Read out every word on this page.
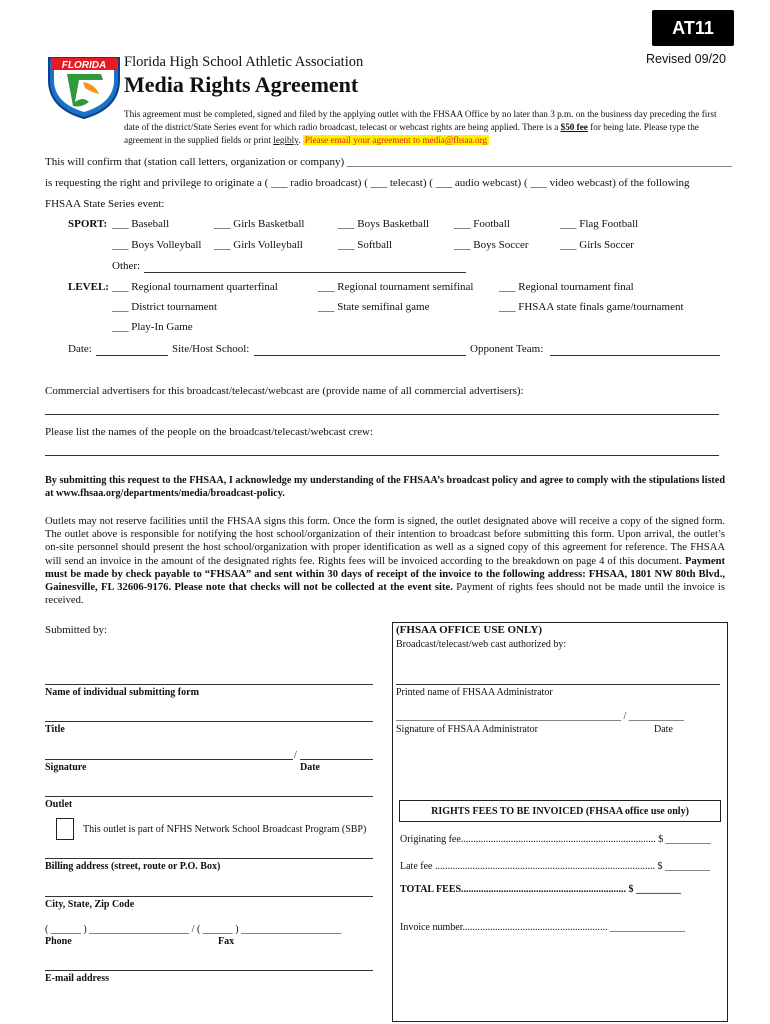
AT11
FLORIDA Florida High School Athletic Association	Revised 09/20
Media Rights Agreement
This agreement must be completed, signed and filed by the applying outlet with the FHSAA Office by no later than 3 p.m. on the business day preceding the first date of the district/State Series event for which radio broadcast, telecast or webcast rights are being applied. There is a $50 fee for being late. Please type the agreement in the supplied fields or print legibly. Please email your agreement to media@fhsaa.org
This will confirm that (station call letters, organization or company) ______________________________________________________________________
is requesting the right and privilege to originate a ( ___ radio broadcast) ( ___ telecast) ( ___ audio webcast) ( ___ video webcast) of the following
FHSAA State Series event:
SPORT: ___ Baseball	___ Girls Basketball	___ Boys Basketball ___ Football	___ Flag Football
___ Boys Volleyball ___ Girls Volleyball	___ Softball	___ Boys Soccer	___ Girls Soccer
Other:
LEVEL: ___ Regional tournament quarterfinal	___ Regional tournament semifinal ___ Regional tournament final
___ District tournament	___ State semifinal game	___ FHSAA state finals game/tournament
___ Play-In Game
Date:	Site/Host School:	Opponent Team:
Commercial advertisers for this broadcast/telecast/webcast are (provide name of all commercial advertisers):
Please list the names of the people on the broadcast/telecast/webcast crew:
By submitting this request to the FHSAA, I acknowledge my understanding of the FHSAA’s broadcast policy and agree to comply with the stipulations listed at www.fhsaa.org/departments/media/broadcast-policy.
Outlets may not reserve facilities until the FHSAA signs this form. Once the form is signed, the outlet designated above will receive a copy of the signed form. The outlet above is responsible for notifying the host school/organization of their intention to broadcast before submitting this form. Upon arrival, the outlet’s on-site personnel should present the host school/organization with proper identification as well as a signed copy of this agreement for reference. The FHSAA will send an invoice in the amount of the designated rights fee. Rights fees will be invoiced according to the breakdown on page 4 of this document. Payment must be made by check payable to “FHSAA” and sent within 30 days of receipt of the invoice to the following address: FHSAA, 1801 NW 80th Blvd., Gainesville, FL 32606-9176. Please note that checks will not be collected at the event site. Payment of rights fees should not be made until the invoice is received.
Submitted by:
Name of individual submitting form
Title
/
Signature	Date
Outlet
This outlet is part of NFHS Network School Broadcast Program (SBP)
Billing address (street, route or P.O. Box)
City, State, Zip Code
( ______ ) ____________________ / ( ______ ) ____________________
Phone	Fax
E-mail address
(FHSAA OFFICE USE ONLY)
Broadcast/telecast/web cast authorized by:
Printed name of FHSAA Administrator
_____________________________________________ / ___________
Signature of FHSAA Administrator	Date
RIGHTS FEES TO BE INVOICED (FHSAA office use only)
Originating fee.............................................................................. $ _________
Late fee ........................................................................................ $ _________
TOTAL FEES.................................................................. $ _________
Invoice number.......................................................... _______________
